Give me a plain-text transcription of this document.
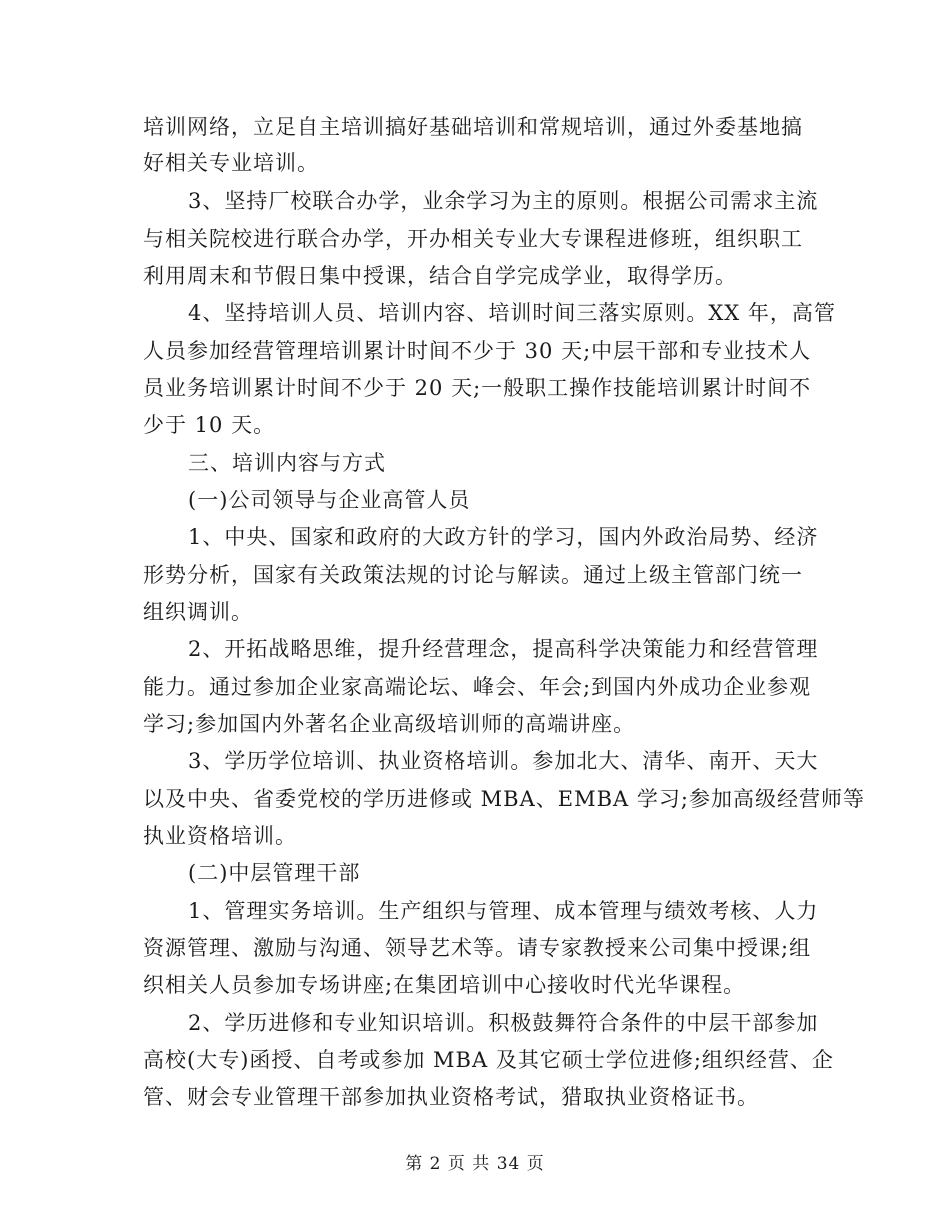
培训网络，立足自主培训搞好基础培训和常规培训，通过外委基地搞
好相关专业培训。
3、坚持厂校联合办学，业余学习为主的原则。根据公司需求主流
与相关院校进行联合办学，开办相关专业大专课程进修班，组织职工
利用周末和节假日集中授课，结合自学完成学业，取得学历。
4、坚持培训人员、培训内容、培训时间三落实原则。XX 年，高管
人员参加经营管理培训累计时间不少于 30 天;中层干部和专业技术人
员业务培训累计时间不少于 20 天;一般职工操作技能培训累计时间不
少于 10 天。
三、培训内容与方式
(一)公司领导与企业高管人员
1、中央、国家和政府的大政方针的学习，国内外政治局势、经济
形势分析，国家有关政策法规的讨论与解读。通过上级主管部门统一
组织调训。
2、开拓战略思维，提升经营理念，提高科学决策能力和经营管理
能力。通过参加企业家高端论坛、峰会、年会;到国内外成功企业参观
学习;参加国内外著名企业高级培训师的高端讲座。
3、学历学位培训、执业资格培训。参加北大、清华、南开、天大
以及中央、省委党校的学历进修或 MBA、EMBA 学习;参加高级经营师等
执业资格培训。
(二)中层管理干部
1、管理实务培训。生产组织与管理、成本管理与绩效考核、人力
资源管理、激励与沟通、领导艺术等。请专家教授来公司集中授课;组
织相关人员参加专场讲座;在集团培训中心接收时代光华课程。
2、学历进修和专业知识培训。积极鼓舞符合条件的中层干部参加
高校(大专)函授、自考或参加 MBA 及其它硕士学位进修;组织经营、企
管、财会专业管理干部参加执业资格考试，猎取执业资格证书。
第 2 页 共 34 页
